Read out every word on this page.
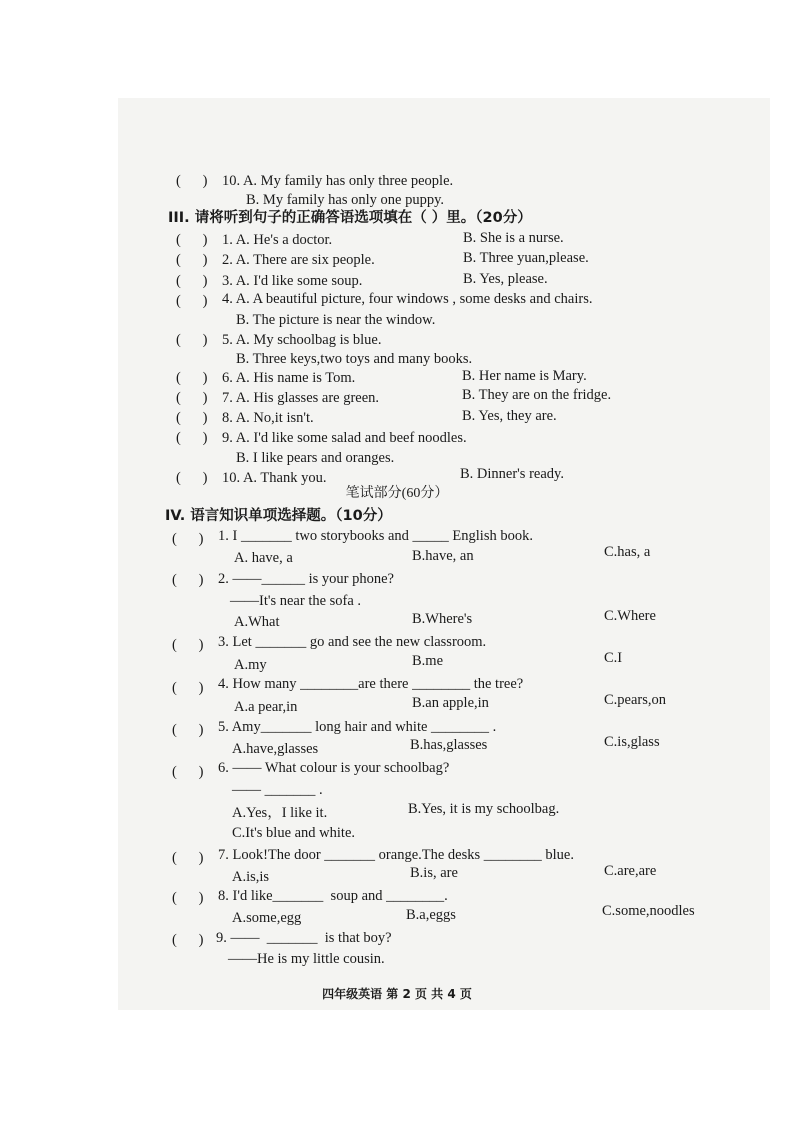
(      ) 10. A. My family has only three people.
B. My family has only one puppy.
III. 请将听到句子的正确答语选项填在（ ）里。（20分）
(      ) 1. A. He's a doctor.	B. She is a nurse.
(      ) 2. A. There are six people.	B. Three yuan,please.
(      ) 3. A. I'd like some soup.	B. Yes, please.
(      ) 4. A. A beautiful picture, four windows , some desks and chairs.
B. The picture is near the window.
(      ) 5. A. My schoolbag is blue.
B. Three keys,two toys and many books.
(      ) 6. A. His name is Tom.	B. Her name is Mary.
(      ) 7. A. His glasses are green.	B. They are on the fridge.
(      ) 8. A. No,it isn't.	B. Yes, they are.
(      ) 9. A. I'd like some salad and beef noodles.
B. I like pears and oranges.
(      ) 10. A. Thank you.	B. Dinner's ready.
笔试部分(60分）
IV. 语言知识单项选择题。（10分）
(      ) 1. I _______ two storybooks and _____ English book.
A. have, a	B.have, an	C.has, a
(      ) 2. ——______ is your phone?
——It's near the sofa .
A.What	B.Where's	C.Where
(      ) 3. Let _______ go and see the new classroom.
A.my	B.me	C.I
(      ) 4. How many ________are there ________ the tree?
A.a pear,in	B.an apple,in	C.pears,on
(      ) 5. Amy_______ long hair and white ________ .
A.have,glasses	B.has,glasses	C.is,glass
(      ) 6. —— What colour is your schoolbag?
—— _______ .
A.Yes，I like it.	B.Yes, it is my schoolbag.
C.It's blue and white.
(      ) 7. Look!The door _______ orange.The desks ________ blue.
A.is,is	B.is, are	C.are,are
(      ) 8. I'd like_______  soup and ________.
A.some,egg	B.a,eggs	C.some,noodles
(      ) 9. ——  _______  is that boy?
——He is my little cousin.
四年级英语 第 2 页 共 4 页
